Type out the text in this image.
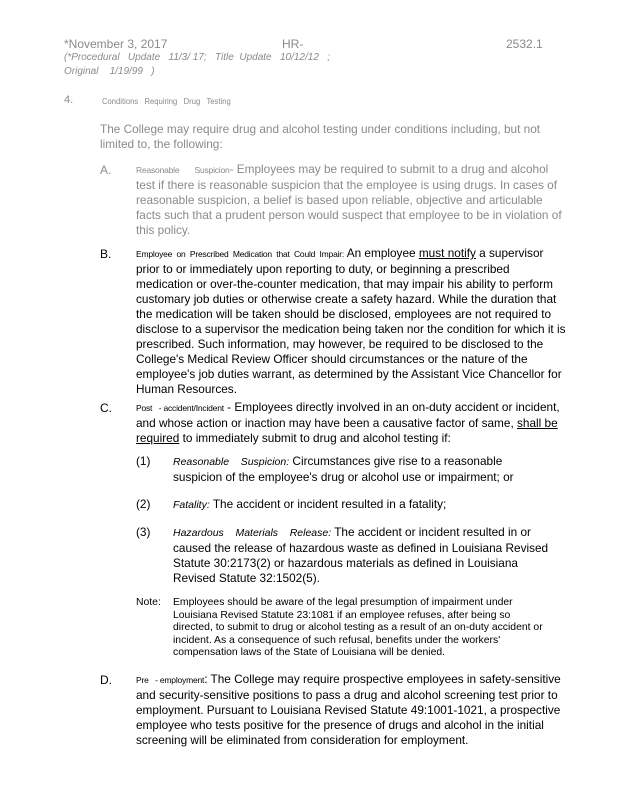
*November 3, 2017	HR-	2532.1
(*Procedural   Update   11/3/ 17;   Title  Update   10/12/12   ;
Original    1/19/99   )
4.	Conditions   Requiring   Drug   Testing

The College may require drug and alcohol testing under conditions including, but not limited to, the following:

A.	Reasonable       Suspicion- Employees may be required to submit to a drug and alcohol test if there is reasonable suspicion that the employee is using drugs. In cases of reasonable suspicion, a belief is based upon reliable, objective and articulable facts such that a prudent person would suspect that employee to be in violation of this policy.

B.	Employee  on  Prescribed  Medication  that  Could  Impair: An employee must notify a supervisor prior to or immediately upon reporting to duty, or beginning a prescribed medication or over-the-counter medication, that may impair his ability to perform customary job duties or otherwise create a safety hazard. While the duration that the medication will be taken should be disclosed, employees are not required to disclose to a supervisor the medication being taken nor the condition for which it is prescribed. Such information, may however, be required to be disclosed to the College's Medical Review Officer should circumstances or the nature of the employee's job duties warrant, as determined by the Assistant Vice Chancellor for Human Resources.

C.	Post   - accident/Incident - Employees directly involved in an on-duty accident or incident, and whose action or inaction may have been a causative factor of same, shall be required to immediately submit to drug and alcohol testing if:

(1) Reasonable    Suspicion: Circumstances give rise to a reasonable suspicion of the employee's drug or alcohol use or impairment; or

(2) Fatality: The accident or incident resulted in a fatality;

(3) Hazardous    Materials    Release: The accident or incident resulted in or caused the release of hazardous waste as defined in Louisiana Revised Statute 30:2173(2) or hazardous materials as defined in Louisiana Revised Statute 32:1502(5).

Note: Employees should be aware of the legal presumption of impairment under Louisiana Revised Statute 23:1081 if an employee refuses, after being so directed, to submit to drug or alcohol testing as a result of an on-duty accident or incident. As a consequence of such refusal, benefits under the workers' compensation laws of the State of Louisiana will be denied.

D.	Pre   - employment: The College may require prospective employees in safety-sensitive and security-sensitive positions to pass a drug and alcohol screening test prior to employment. Pursuant to Louisiana Revised Statute 49:1001-1021, a prospective employee who tests positive for the presence of drugs and alcohol in the initial screening will be eliminated from consideration for employment.
